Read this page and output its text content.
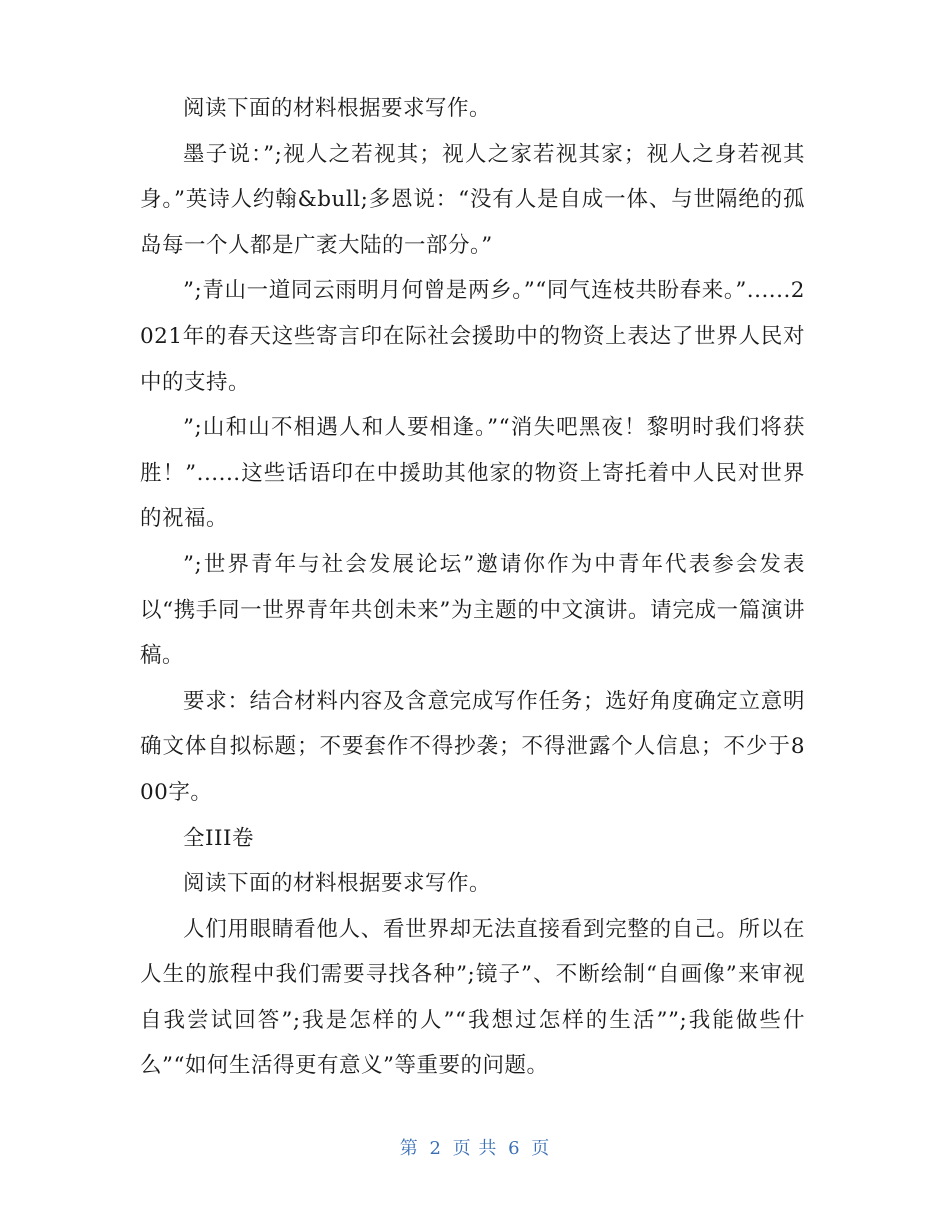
阅读下面的材料根据要求写作。

墨子说：”;视人之若视其；视人之家若视其家；视人之身若视其身。”英诗人约翰&bull;多恩说：“没有人是自成一体、与世隔绝的孤岛每一个人都是广袤大陆的一部分。”

”;青山一道同云雨明月何曾是两乡。”“同气连枝共盼春来。”......2021年的春天这些寄言印在际社会援助中的物资上表达了世界人民对中的支持。

”;山和山不相遇人和人要相逢。”“消失吧黑夜！黎明时我们将获胜！”......这些话语印在中援助其他家的物资上寄托着中人民对世界的祝福。

”;世界青年与社会发展论坛”邀请你作为中青年代表参会发表以“携手同一世界青年共创未来”为主题的中文演讲。请完成一篇演讲稿。

要求：结合材料内容及含意完成写作任务；选好角度确定立意明确文体自拟标题；不要套作不得抄袭；不得泄露个人信息；不少于800字。

全III卷

阅读下面的材料根据要求写作。

人们用眼睛看他人、看世界却无法直接看到完整的自己。所以在人生的旅程中我们需要寻找各种”;镜子”、不断绘制“自画像”来审视自我尝试回答”;我是怎样的人”“我想过怎样的生活””;我能做些什么”“如何生活得更有意义”等重要的问题。

第 2 页 共 6 页
